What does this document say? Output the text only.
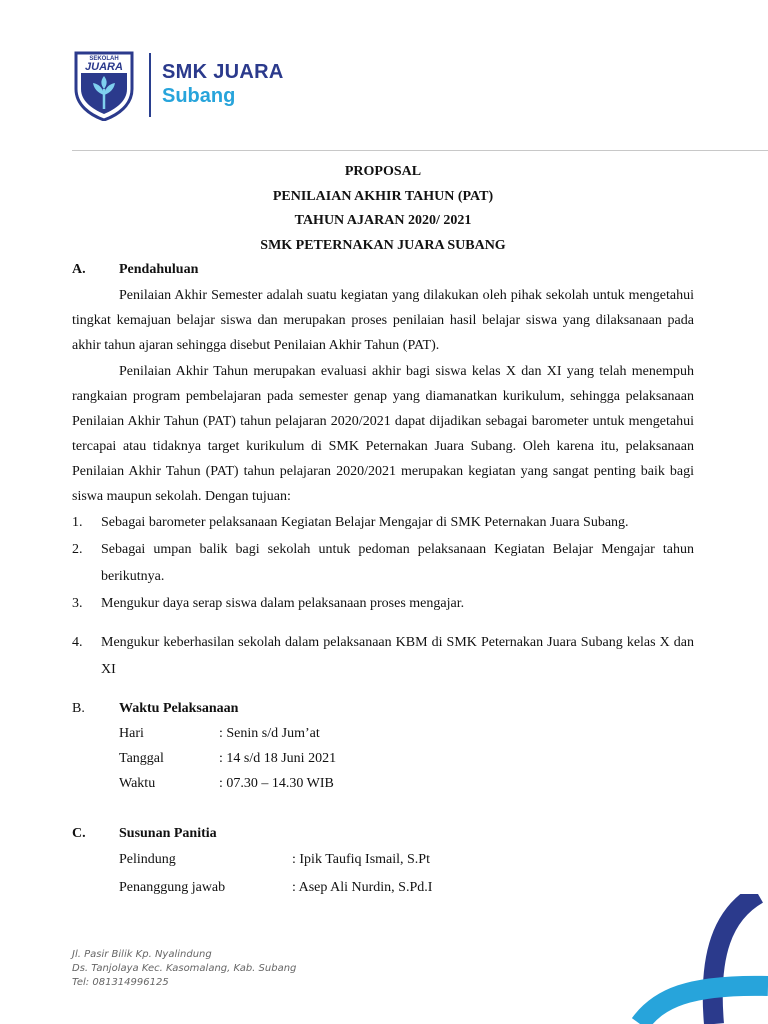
SEKOLAH
JUARA SMK JUARA
Subang
PROPOSAL
PENILAIAN AKHIR TAHUN (PAT)
TAHUN AJARAN 2020/ 2021
SMK PETERNAKAN JUARA SUBANG
A. Pendahuluan

Penilaian Akhir Semester adalah suatu kegiatan yang dilakukan oleh pihak sekolah untuk mengetahui tingkat kemajuan belajar siswa dan merupakan proses penilaian hasil belajar siswa yang dilaksanaan pada akhir tahun ajaran sehingga disebut Penilaian Akhir Tahun (PAT).

Penilaian Akhir Tahun merupakan evaluasi akhir bagi siswa kelas X dan XI yang telah menempuh rangkaian program pembelajaran pada semester genap yang diamanatkan kurikulum, sehingga pelaksanaan Penilaian Akhir Tahun (PAT) tahun pelajaran 2020/2021 dapat dijadikan sebagai barometer untuk mengetahui tercapai atau tidaknya target kurikulum di SMK Peternakan Juara Subang. Oleh karena itu, pelaksanaan Penilaian Akhir Tahun (PAT) tahun pelajaran 2020/2021 merupakan kegiatan yang sangat penting baik bagi siswa maupun sekolah. Dengan tujuan:

1. Sebagai barometer pelaksanaan Kegiatan Belajar Mengajar di SMK Peternakan Juara Subang.
2. Sebagai umpan balik bagi sekolah untuk pedoman pelaksanaan Kegiatan Belajar Mengajar tahun berikutnya.
3. Mengukur daya serap siswa dalam pelaksanaan proses mengajar.
4. Mengukur keberhasilan sekolah dalam pelaksanaan KBM di SMK Peternakan Juara Subang kelas X dan XI
B. Waktu Pelaksanaan
Hari	: Senin s/d Jum’at
Tanggal	: 14 s/d 18 Juni 2021
Waktu	: 07.30 – 14.30 WIB
C. Susunan Panitia
Pelindung	: Ipik Taufiq Ismail, S.Pt
Penanggung jawab	: Asep Ali Nurdin, S.Pd.I
Jl. Pasir Bilik Kp. Nyalindung
Ds. Tanjolaya Kec. Kasomalang, Kab. Subang
Tel: 081314996125
